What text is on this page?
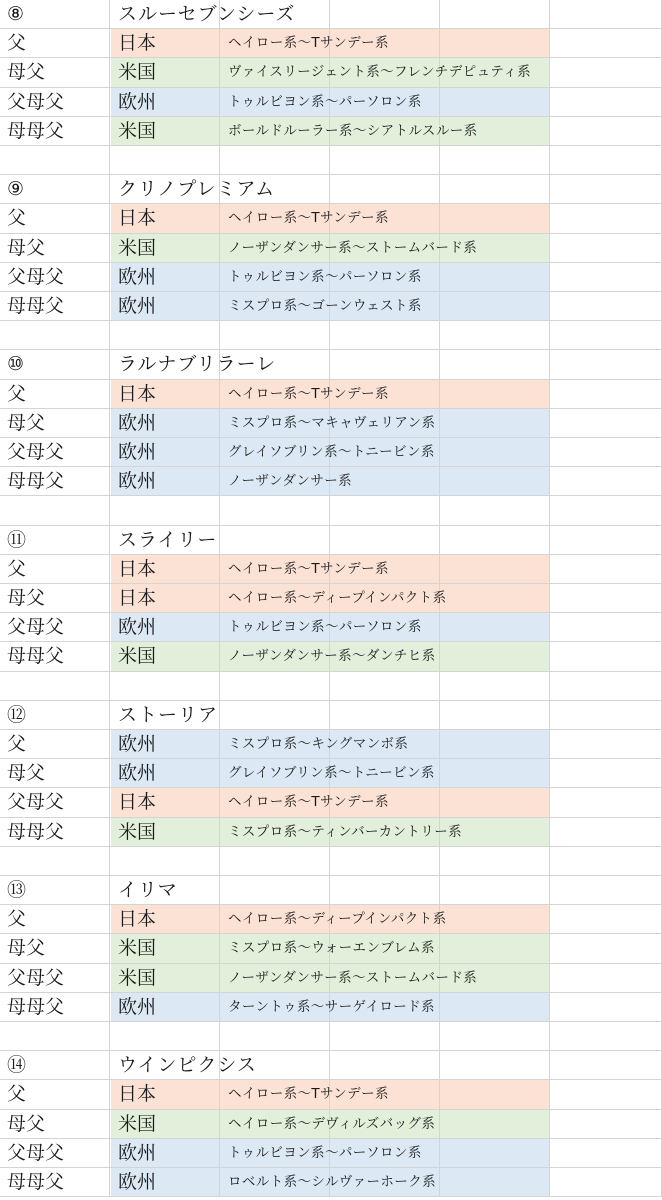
⑧	スルーセブンシーズ
父	日本	ヘイロー系〜Tサンデー系
母父	米国	ヴァイスリージェント系〜フレンチデピュティ系
父母父	欧州	トゥルビヨン系〜パーソロン系
母母父	米国	ボールドルーラー系〜シアトルスルー系
⑨	クリノプレミアム
父	日本	ヘイロー系〜Tサンデー系
母父	米国	ノーザンダンサー系〜ストームバード系
父母父	欧州	トゥルビヨン系〜パーソロン系
母母父	欧州	ミスプロ系〜ゴーンウェスト系
⑩	ラルナブリラーレ
父	日本	ヘイロー系〜Tサンデー系
母父	欧州	ミスプロ系〜マキャヴェリアン系
父母父	欧州	グレイソブリン系〜トニービン系
母母父	欧州	ノーザンダンサー系
⑪	スライリー
父	日本	ヘイロー系〜Tサンデー系
母父	日本	ヘイロー系〜ディープインパクト系
父母父	欧州	トゥルビヨン系〜パーソロン系
母母父	米国	ノーザンダンサー系〜ダンチヒ系
⑫	ストーリア
父	欧州	ミスプロ系〜キングマンボ系
母父	欧州	グレイソブリン系〜トニービン系
父母父	日本	ヘイロー系〜Tサンデー系
母母父	米国	ミスプロ系〜ティンバーカントリー系
⑬	イリマ
父	日本	ヘイロー系〜ディープインパクト系
母父	米国	ミスプロ系〜ウォーエンブレム系
父母父	米国	ノーザンダンサー系〜ストームバード系
母母父	欧州	ターントゥ系〜サーゲイロード系
⑭	ウインピクシス
父	日本	ヘイロー系〜Tサンデー系
母父	米国	ヘイロー系〜デヴィルズバッグ系
父母父	欧州	トゥルビヨン系〜パーソロン系
母母父	欧州	ロベルト系〜シルヴァーホーク系
